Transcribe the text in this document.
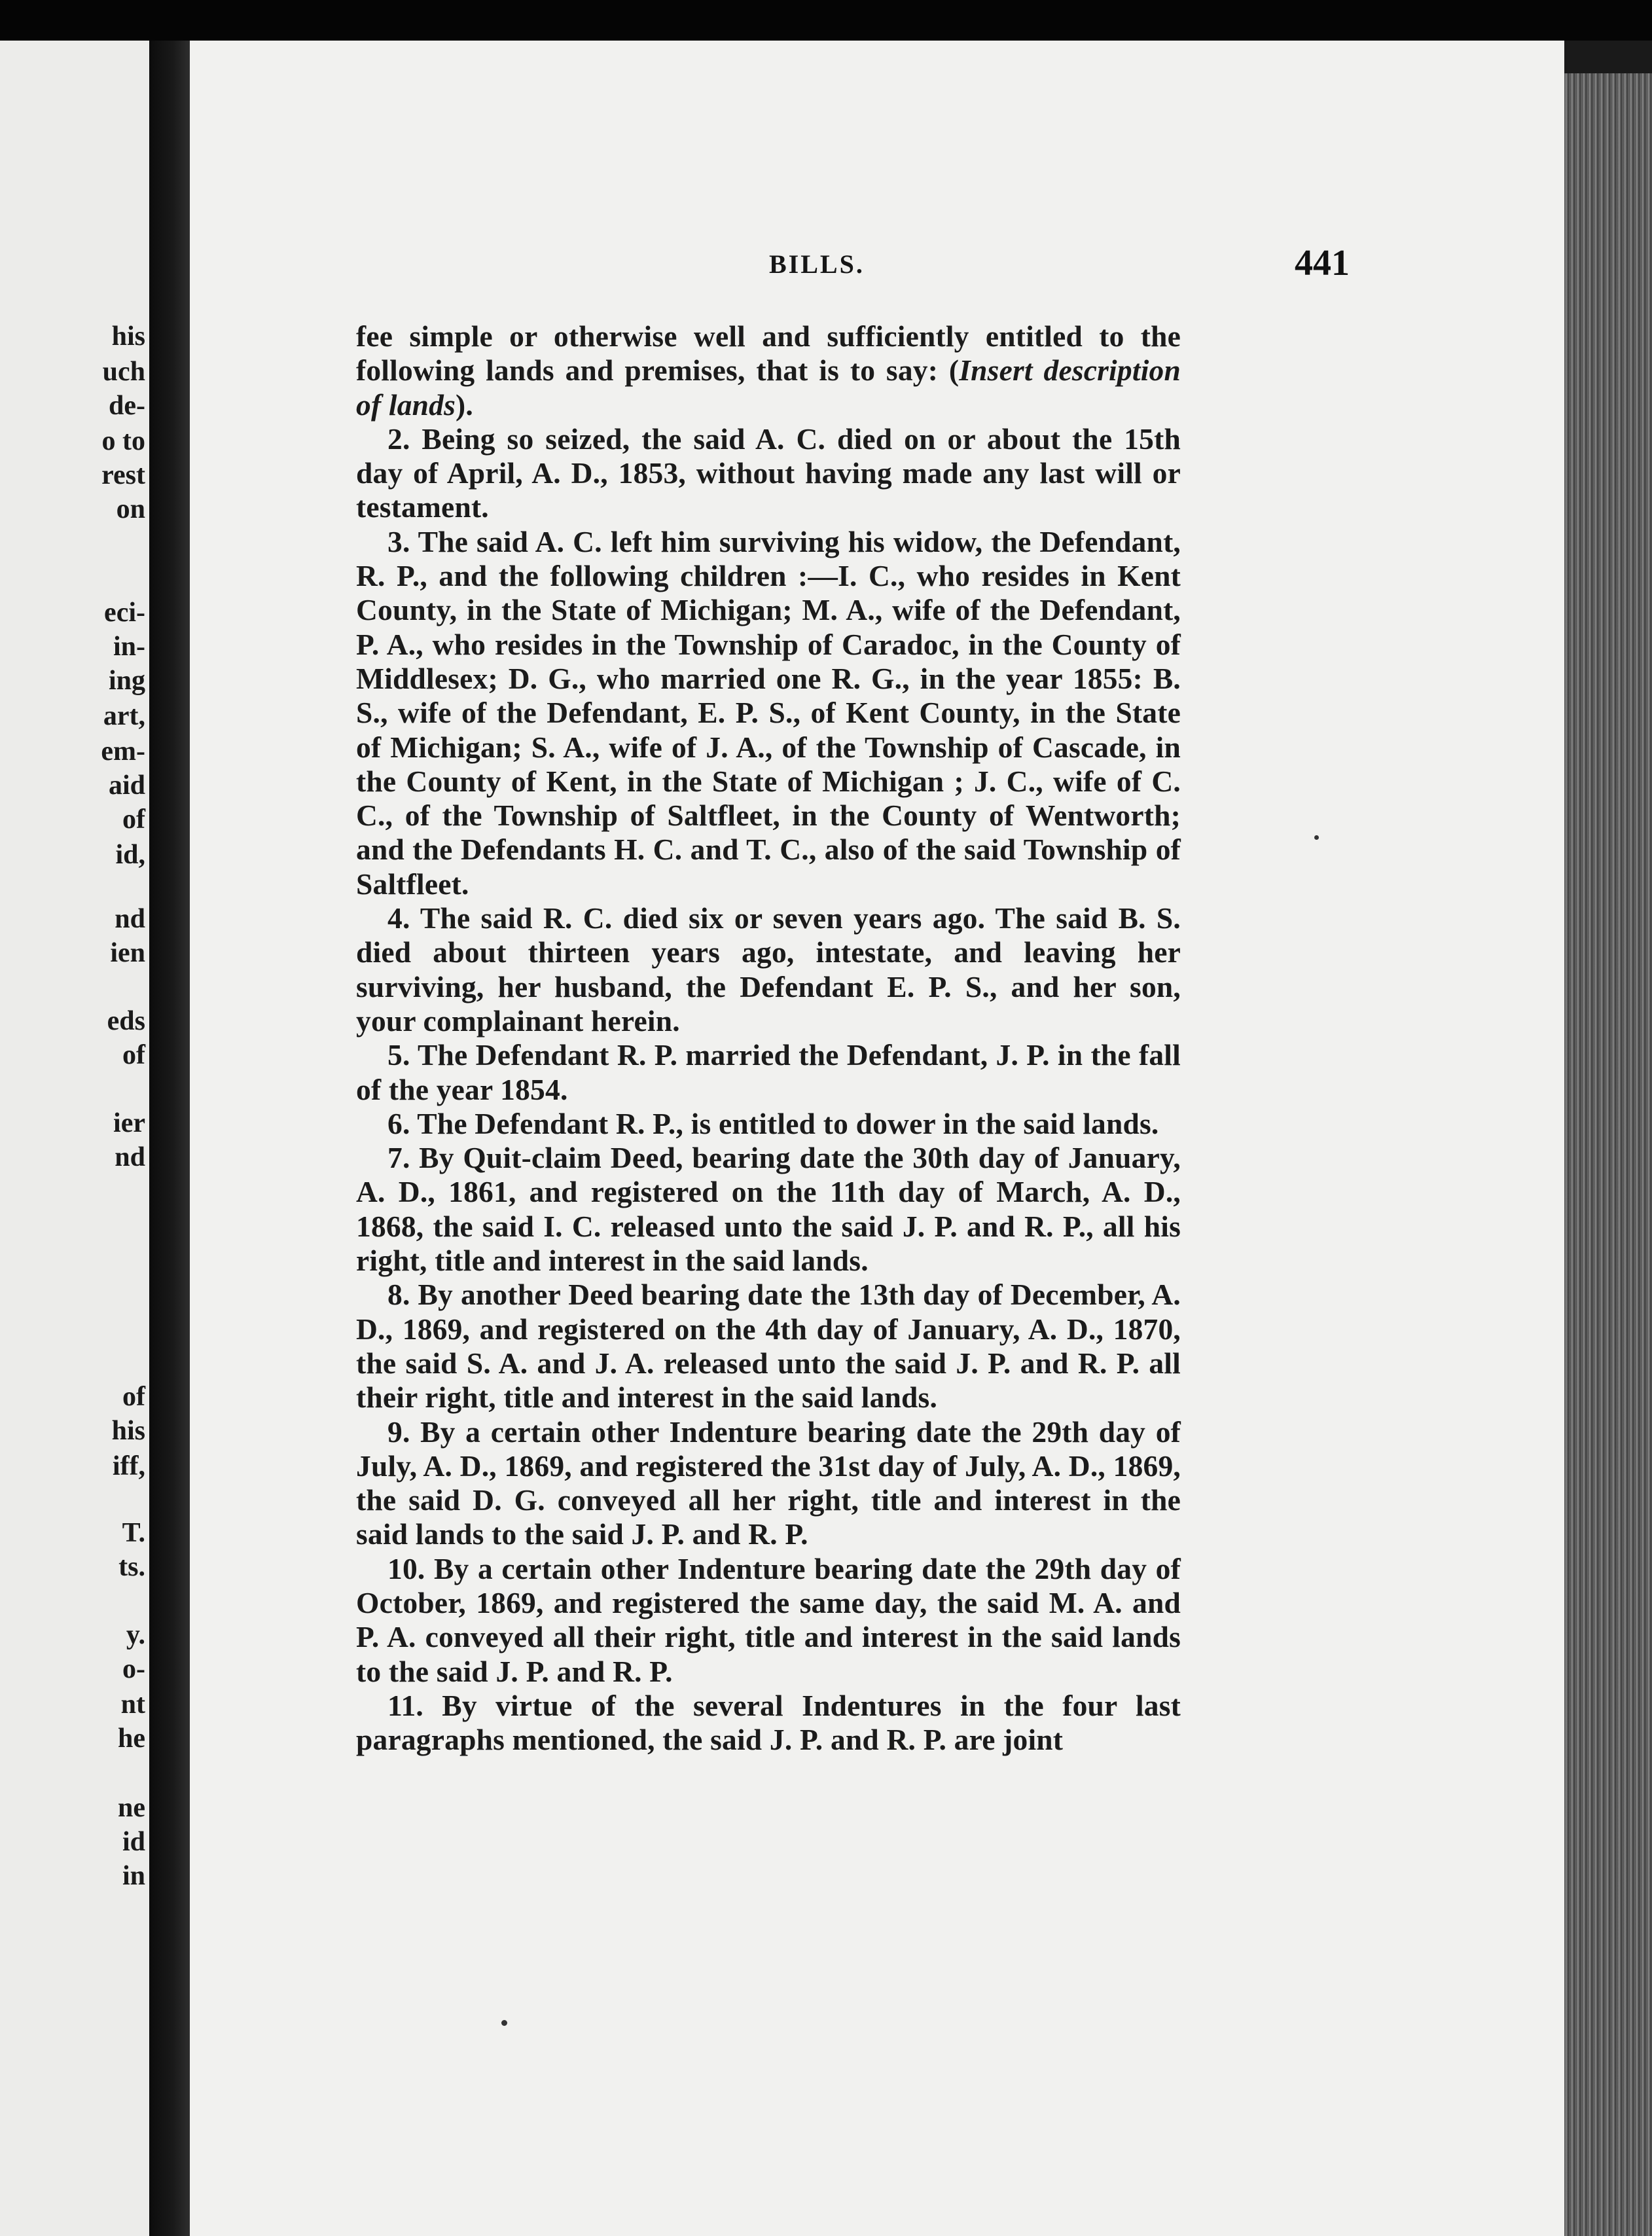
his
uch
de-
o to
rest
on
eci-
in-
ing
art,
em-
aid
of
id,
nd
ien
eds
of
ier
nd
of
his
iff,
T.
ts.
y.
o-
nt
he
ne
id
in
BILLS.	441

fee simple or otherwise well and sufficiently entitled to the following lands and premises, that is to say: (Insert description of lands).

2. Being so seized, the said A. C. died on or about the 15th day of April, A. D., 1853, without having made any last will or testament.

3. The said A. C. left him surviving his widow, the Defendant, R. P., and the following children :—I. C., who resides in Kent County, in the State of Michigan; M. A., wife of the Defendant, P. A., who resides in the Township of Caradoc, in the County of Middlesex; D. G., who married one R. G., in the year 1855: B. S., wife of the Defendant, E. P. S., of Kent County, in the State of Michigan; S. A., wife of J. A., of the Township of Cascade, in the County of Kent, in the State of Michigan ; J. C., wife of C. C., of the Township of Saltfleet, in the County of Wentworth; and the Defendants H. C. and T. C., also of the said Township of Saltfleet.

4. The said R. C. died six or seven years ago. The said B. S. died about thirteen years ago, intestate, and leaving her surviving, her husband, the Defendant E. P. S., and her son, your complainant herein.

5. The Defendant R. P. married the Defendant, J. P. in the fall of the year 1854.

6. The Defendant R. P., is entitled to dower in the said lands.

7. By Quit-claim Deed, bearing date the 30th day of January, A. D., 1861, and registered on the 11th day of March, A. D., 1868, the said I. C. released unto the said J. P. and R. P., all his right, title and interest in the said lands.

8. By another Deed bearing date the 13th day of December, A. D., 1869, and registered on the 4th day of January, A. D., 1870, the said S. A. and J. A. released unto the said J. P. and R. P. all their right, title and interest in the said lands.

9. By a certain other Indenture bearing date the 29th day of July, A. D., 1869, and registered the 31st day of July, A. D., 1869, the said D. G. conveyed all her right, title and interest in the said lands to the said J. P. and R. P.

10. By a certain other Indenture bearing date the 29th day of October, 1869, and registered the same day, the said M. A. and P. A. conveyed all their right, title and interest in the said lands to the said J. P. and R. P.

11. By virtue of the several Indentures in the four last paragraphs mentioned, the said J. P. and R. P. are joint
